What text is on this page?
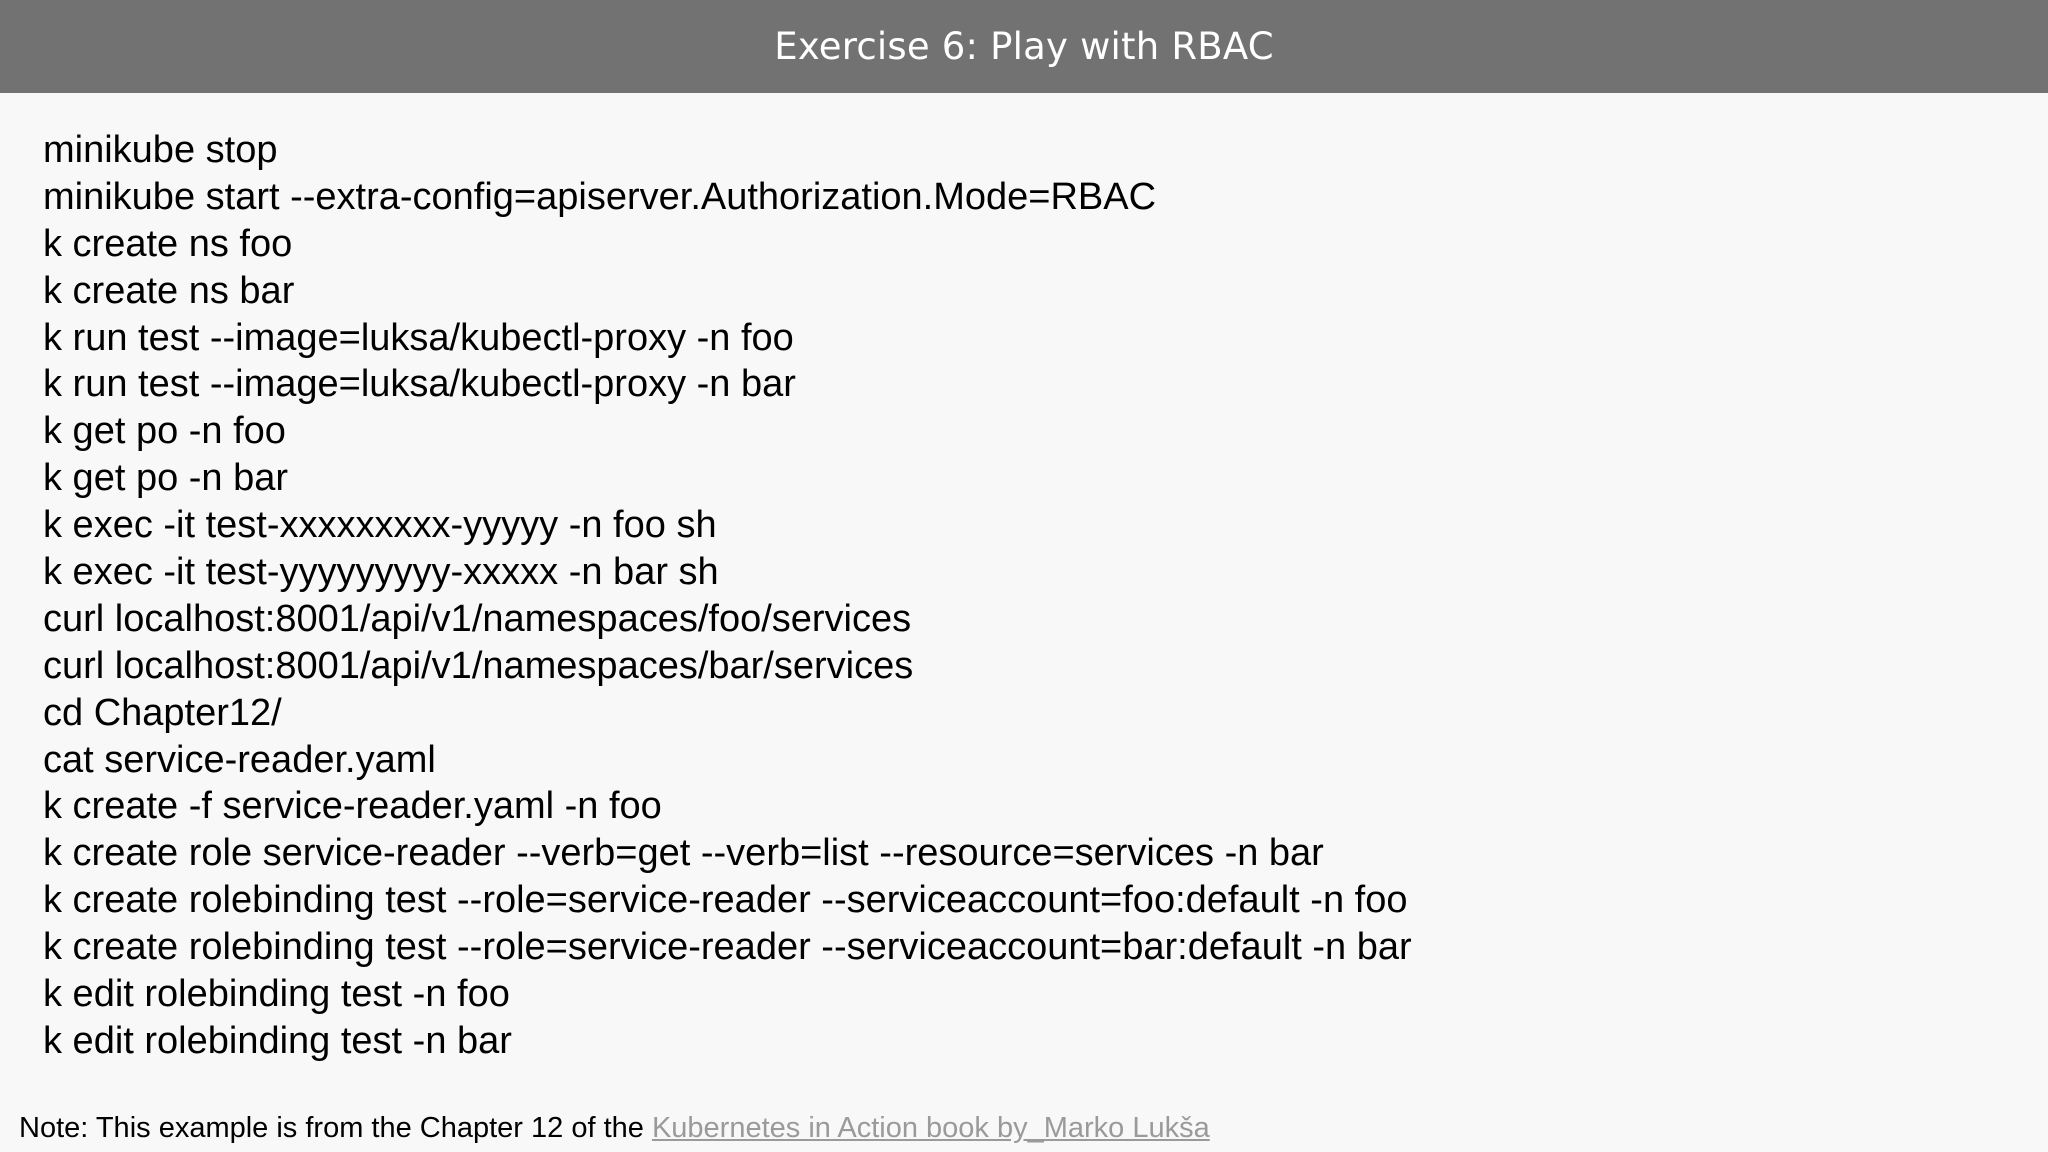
Exercise 6: Play with RBAC
minikube stop
minikube start --extra-config=apiserver.Authorization.Mode=RBAC
k create ns foo
k create ns bar
k run test --image=luksa/kubectl-proxy -n foo
k run test --image=luksa/kubectl-proxy -n bar
k get po -n foo
k get po -n bar
k exec -it test-xxxxxxxxx-yyyyy -n foo sh
k exec -it test-yyyyyyyyy-xxxxx -n bar sh
curl localhost:8001/api/v1/namespaces/foo/services
curl localhost:8001/api/v1/namespaces/bar/services
cd Chapter12/
cat service-reader.yaml
k create -f service-reader.yaml -n foo
k create role service-reader --verb=get --verb=list --resource=services -n bar
k create rolebinding test --role=service-reader --serviceaccount=foo:default -n foo
k create rolebinding test --role=service-reader --serviceaccount=bar:default -n bar
k edit rolebinding test -n foo
k edit rolebinding test -n bar
Note: This example is from the Chapter 12 of the Kubernetes in Action book by_Marko Lukša
